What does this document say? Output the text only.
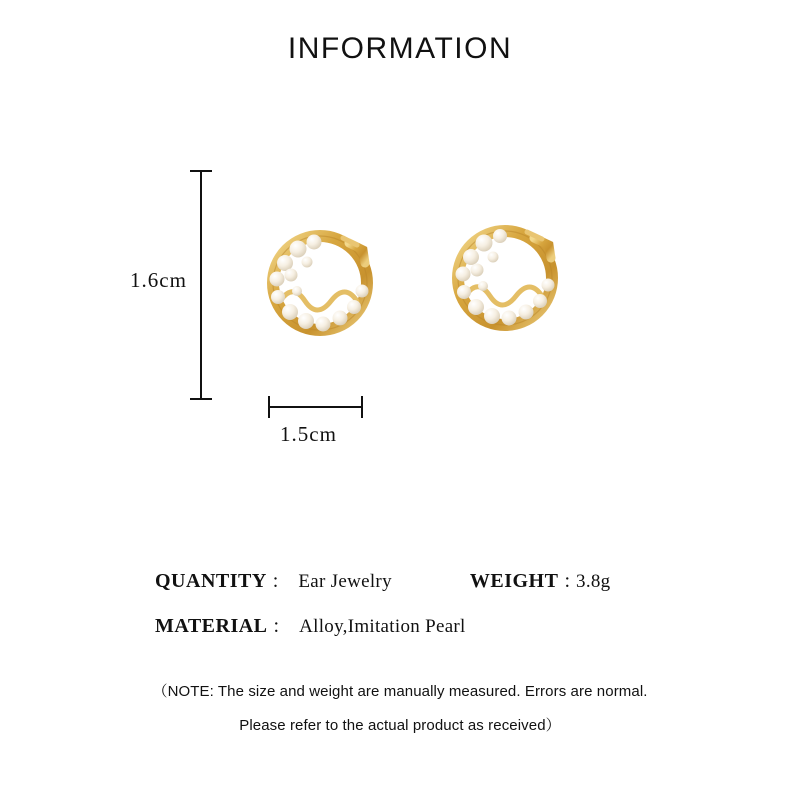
INFORMATION
1.6cm
1.5cm
QUANTITY :	Ear Jewelry	WEIGHT : 3.8g
MATERIAL :	Alloy,Imitation Pearl
（NOTE: The size and weight are manually measured. Errors are normal.
Please refer to the actual product as received）
